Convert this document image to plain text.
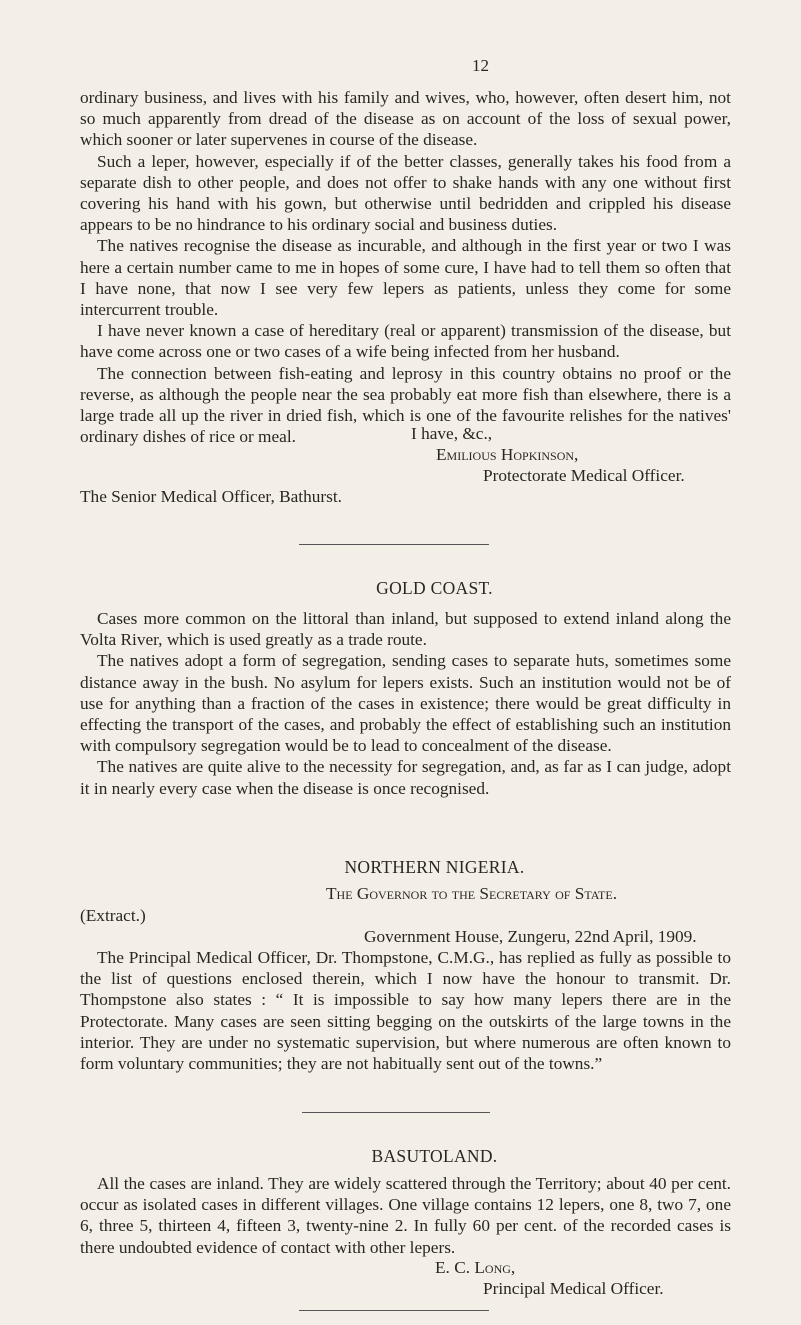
12

ordinary business, and lives with his family and wives, who, however, often desert him, not so much apparently from dread of the disease as on account of the loss of sexual power, which sooner or later supervenes in course of the disease.

Such a leper, however, especially if of the better classes, generally takes his food from a separate dish to other people, and does not offer to shake hands with any one without first covering his hand with his gown, but otherwise until bedridden and crippled his disease appears to be no hindrance to his ordinary social and business duties.

The natives recognise the disease as incurable, and although in the first year or two I was here a certain number came to me in hopes of some cure, I have had to tell them so often that I have none, that now I see very few lepers as patients, unless they come for some intercurrent trouble.

I have never known a case of hereditary (real or apparent) transmission of the disease, but have come across one or two cases of a wife being infected from her husband.

The connection between fish-eating and leprosy in this country obtains no proof or the reverse, as although the people near the sea probably eat more fish than elsewhere, there is a large trade all up the river in dried fish, which is one of the favourite relishes for the natives' ordinary dishes of rice or meal.	I have, &c.,
Emilious Hopkinson,
Protectorate Medical Officer.
The Senior Medical Officer, Bathurst.
GOLD COAST.

Cases more common on the littoral than inland, but supposed to extend inland along the Volta River, which is used greatly as a trade route.

The natives adopt a form of segregation, sending cases to separate huts, sometimes some distance away in the bush. No asylum for lepers exists. Such an institution would not be of use for anything than a fraction of the cases in existence; there would be great difficulty in effecting the transport of the cases, and probably the effect of establishing such an institution with compulsory segregation would be to lead to concealment of the disease.

The natives are quite alive to the necessity for segregation, and, as far as I can judge, adopt it in nearly every case when the disease is once recognised.

NORTHERN NIGERIA.
The Governor to the Secretary of State.
(Extract.)
Government House, Zungeru, 22nd April, 1909.

The Principal Medical Officer, Dr. Thompstone, C.M.G., has replied as fully as possible to the list of questions enclosed therein, which I now have the honour to transmit. Dr. Thompstone also states : “ It is impossible to say how many lepers there are in the Protectorate. Many cases are seen sitting begging on the outskirts of the large towns in the interior. They are under no systematic supervision, but where numerous are often known to form voluntary communities; they are not habitually sent out of the towns.”

BASUTOLAND.

All the cases are inland. They are widely scattered through the Territory; about 40 per cent. occur as isolated cases in different villages. One village contains 12 lepers, one 8, two 7, one 6, three 5, thirteen 4, fifteen 3, twenty-nine 2. In fully 60 per cent. of the recorded cases is there undoubted evidence of contact with other lepers.

E. C. Long,
Principal Medical Officer.
